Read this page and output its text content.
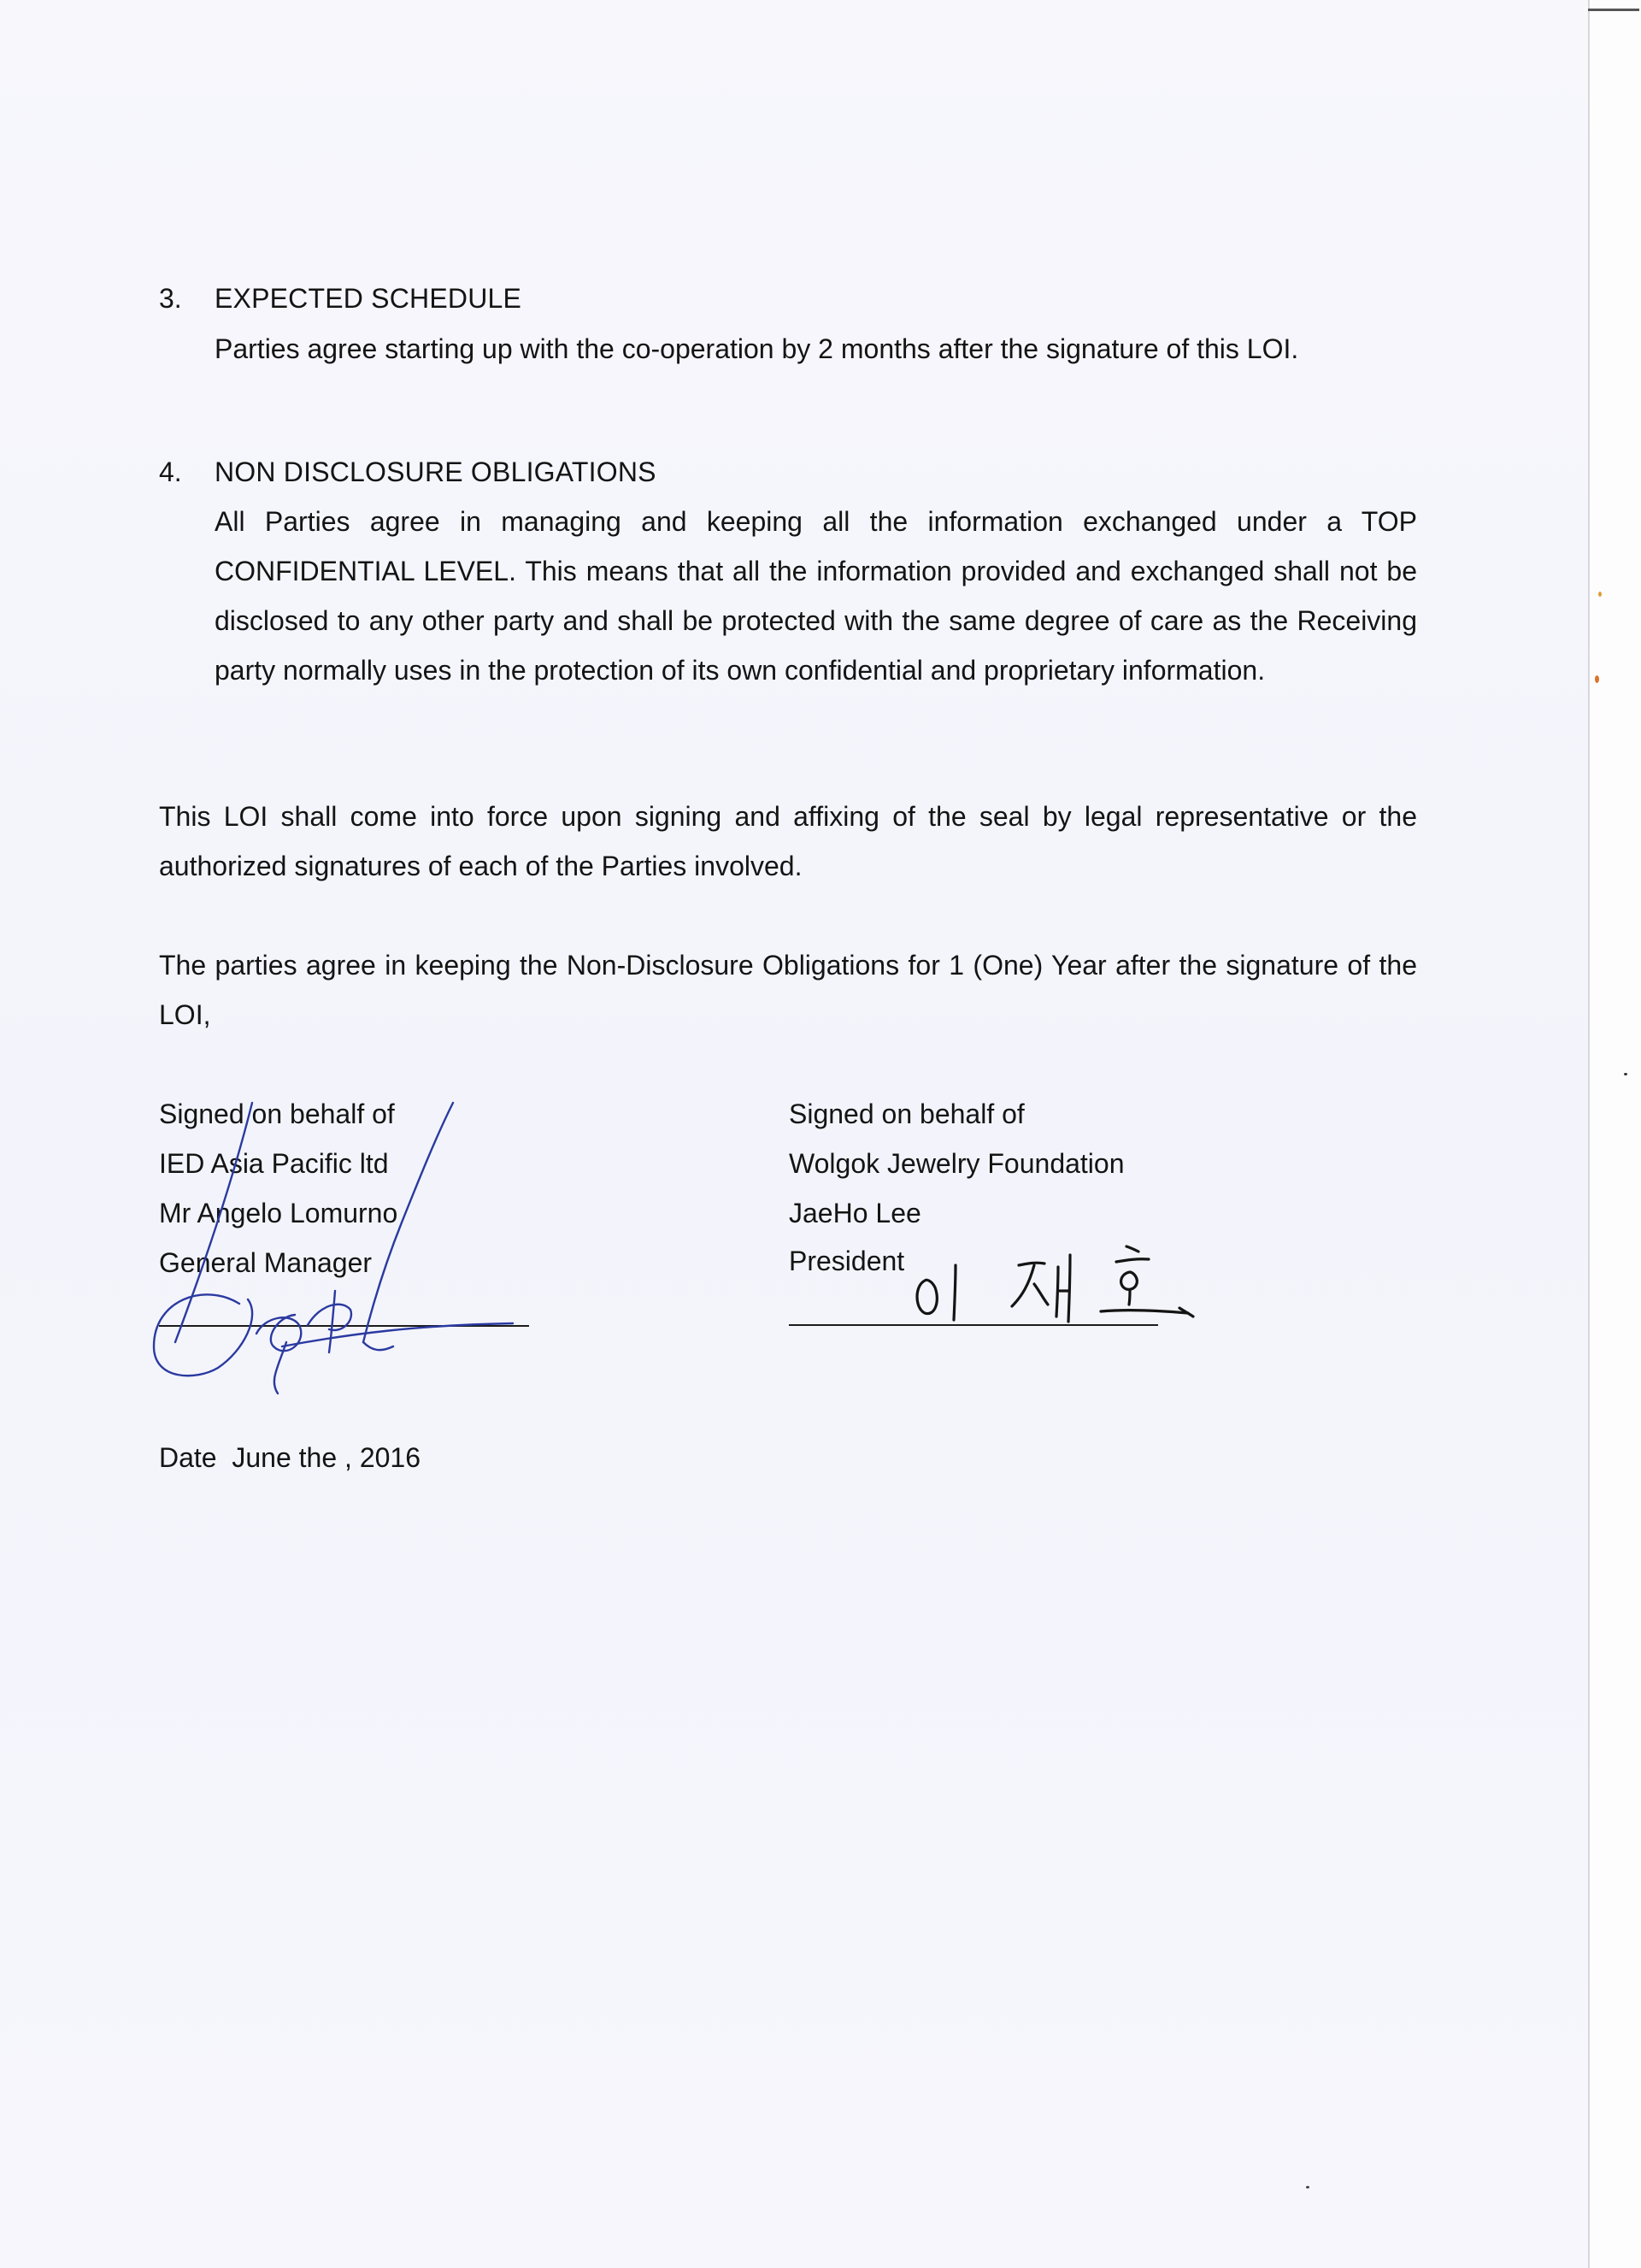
3. EXPECTED SCHEDULE

Parties agree starting up with the co-operation by 2 months after the signature of this LOI.

4. NON DISCLOSURE OBLIGATIONS

All Parties agree in managing and keeping all the information exchanged under a TOP CONFIDENTIAL LEVEL. This means that all the information provided and exchanged shall not be disclosed to any other party and shall be protected with the same degree of care as the Receiving party normally uses in the protection of its own confidential and proprietary information.

This LOI shall come into force upon signing and affixing of the seal by legal representative or the authorized signatures of each of the Parties involved.

The parties agree in keeping the Non-Disclosure Obligations for 1 (One) Year after the signature of the LOI,

Signed on behalf of

IED Asia Pacific ltd

Mr Angelo Lomurno

General Manager

Signed on behalf of

Wolgok Jewelry Foundation

JaeHo Lee

President

Date  June the , 2016
